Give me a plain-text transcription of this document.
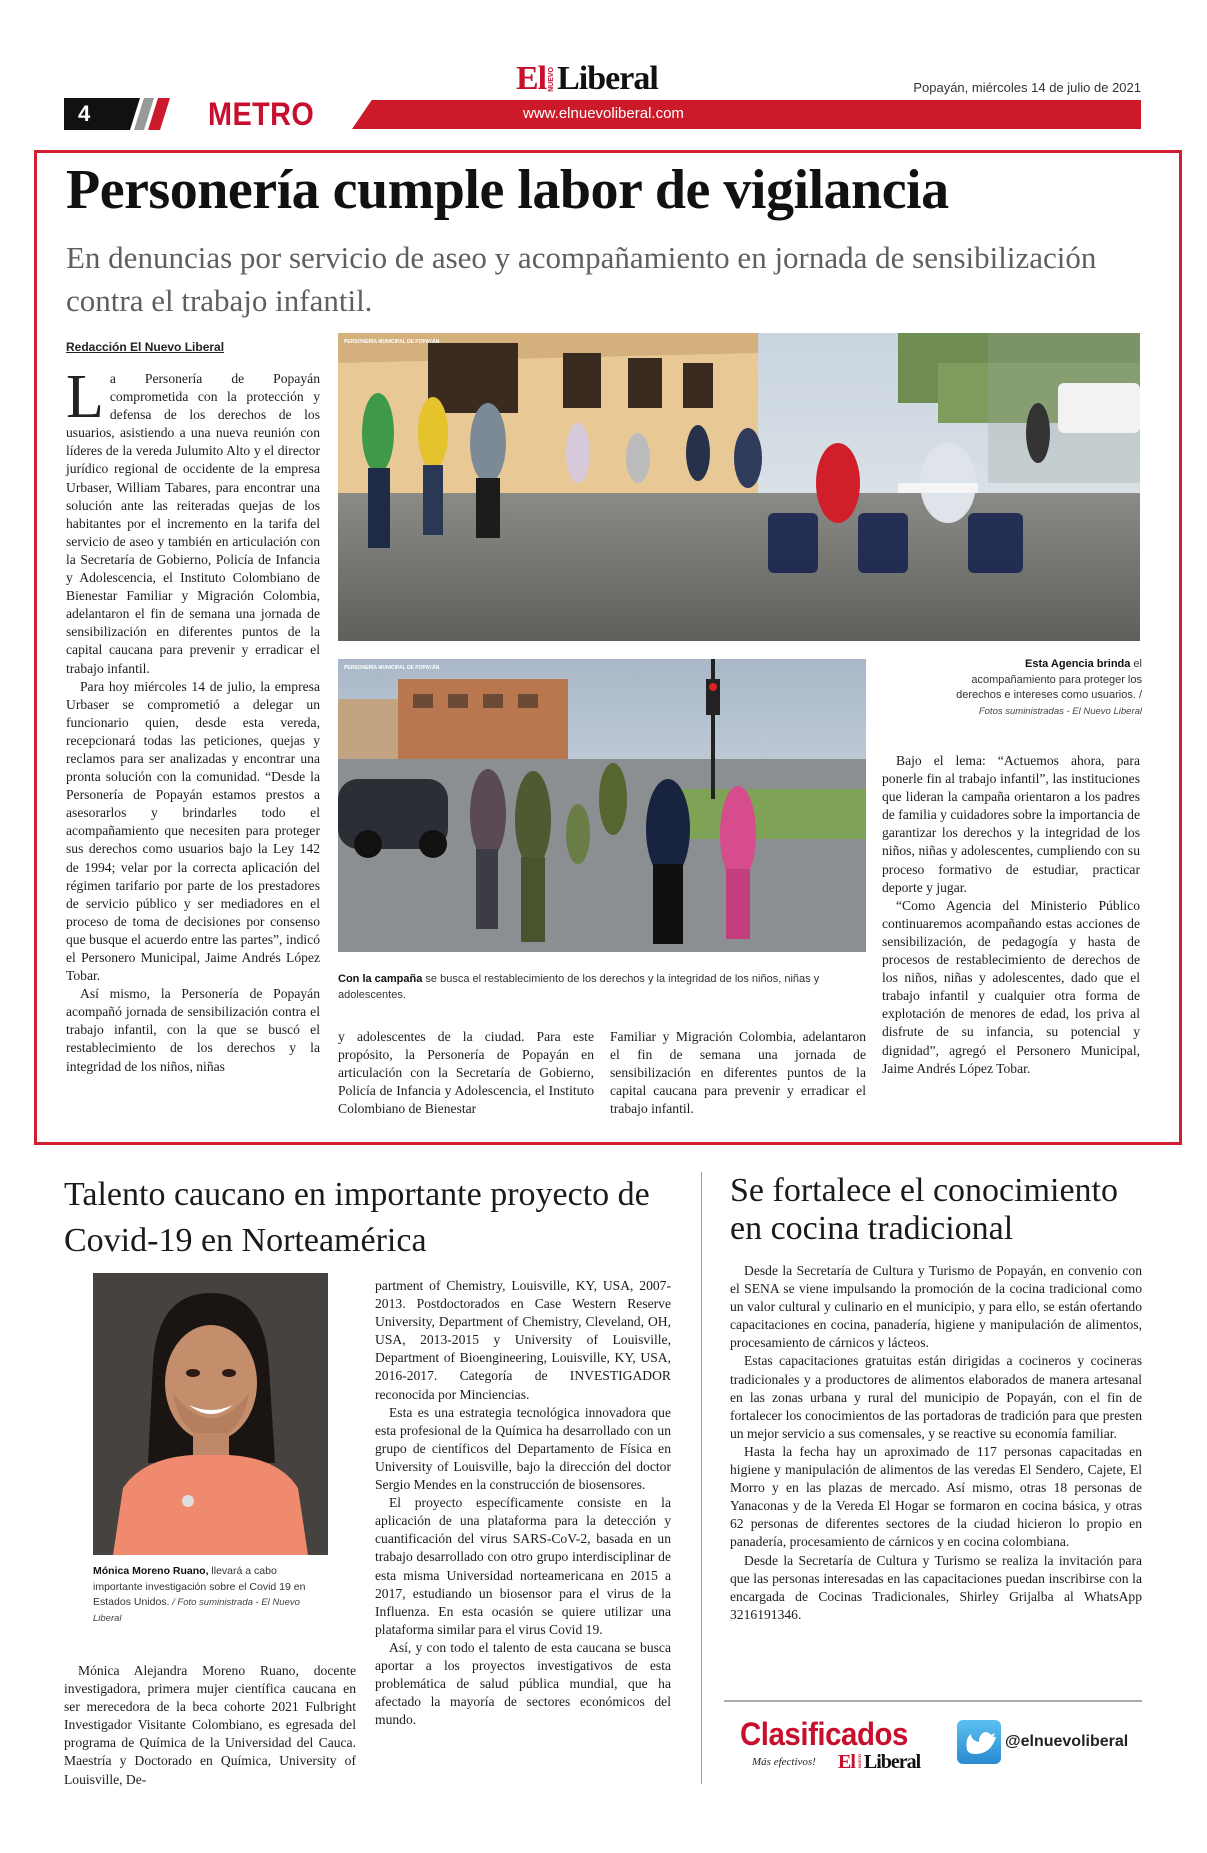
4	METRO	www.elnuevoliberal.com
El NUEVO Liberal	Popayán, miércoles 14 de julio de 2021
Personería cumple labor de vigilancia
En denuncias por servicio de aseo y acompañamiento en jornada de sensibilización contra el trabajo infantil.
Redacción El Nuevo Liberal

La Personería de Popayán comprometida con la protección y defensa de los derechos de los usuarios, asistiendo a una nueva reunión con líderes de la vereda Julumito Alto y el director jurídico regional de occidente de la empresa Urbaser, William Tabares, para encontrar una solución ante las reiteradas quejas de los habitantes por el incremento en la tarifa del servicio de aseo y también en articulación con la Secretaría de Gobierno, Policía de Infancia y Adolescencia, el Instituto Colombiano de Bienestar Familiar y Migración Colombia, adelantaron el fin de semana una jornada de sensibilización en diferentes puntos de la capital caucana para prevenir y erradicar el trabajo infantil.

Para hoy miércoles 14 de julio, la empresa Urbaser se comprometió a delegar un funcionario quien, desde esta vereda, recepcionará todas las peticiones, quejas y reclamos para ser analizadas y encontrar una pronta solución con la comunidad. “Desde la Personería de Popayán estamos prestos a asesorarlos y brindarles todo el acompañamiento que necesiten para proteger sus derechos como usuarios bajo la Ley 142 de 1994; velar por la correcta aplicación del régimen tarifario por parte de los prestadores de servicio público y ser mediadores en el proceso de toma de decisiones por consenso que busque el acuerdo entre las partes”, indicó el Personero Municipal, Jaime Andrés López Tobar.

Así mismo, la Personería de Popayán acompañó jornada de sensibilización contra el trabajo infantil, con la que se buscó el restablecimiento de los derechos y la integridad de los niños, niñas

PERSONERÍA MUNICIPAL DE POPAYÁN
Esta Agencia brinda el acompañamiento para proteger los derechos e intereses como usuarios. /
Fotos suministradas - El Nuevo Liberal
PERSONERÍA MUNICIPAL DE POPAYÁN
Con la campaña se busca el restablecimiento de los derechos y la integridad de los niños, niñas y adolescentes.

y adolescentes de la ciudad. Para este propósito, la Personería de Popayán en articulación con la Secretaría de Gobierno, Policía de Infancia y Adolescencia, el Instituto Colombiano de Bienestar

Familiar y Migración Colombia, adelantaron el fin de semana una jornada de sensibilización en diferentes puntos de la capital caucana para prevenir y erradicar el trabajo infantil.

Bajo el lema: “Actuemos ahora, para ponerle fin al trabajo infantil”, las instituciones que lideran la campaña orientaron a los padres de familia y cuidadores sobre la importancia de garantizar los derechos y la integridad de los niños, niñas y adolescentes, cumpliendo con su proceso formativo de estudiar, practicar deporte y jugar.

“Como Agencia del Ministerio Público continuaremos acompañando estas acciones de sensibilización, de pedagogía y hasta de procesos de restablecimiento de derechos de los niños, niñas y adolescentes, dado que el trabajo infantil y cualquier otra forma de explotación de menores de edad, los priva al disfrute de su infancia, su potencial y dignidad”, agregó el Personero Municipal, Jaime Andrés López Tobar.

Talento caucano en importante proyecto de Covid-19 en Norteamérica
Mónica Moreno Ruano, llevará a cabo importante investigación sobre el Covid 19 en Estados Unidos. / Foto suministrada - El Nuevo Liberal

Mónica Alejandra Moreno Ruano, docente investigadora, primera mujer científica caucana en ser merecedora de la beca cohorte 2021 Fulbright Investigador Visitante Colombiano, es egresada del programa de Química de la Universidad del Cauca. Maestría y Doctorado en Química, University of Louisville, De-

partment of Chemistry, Louisville, KY, USA, 2007-2013. Postdoctorados en Case Western Reserve University, Department of Chemistry, Cleveland, OH, USA, 2013-2015 y University of Louisville, Department of Bioengineering, Louisville, KY, USA, 2016-2017. Categoría de INVESTIGADOR reconocida por Minciencias.

Esta es una estrategia tecnológica innovadora que esta profesional de la Química ha desarrollado con un grupo de científicos del Departamento de Física en University of Louisville, bajo la dirección del doctor Sergio Mendes en la construcción de biosensores.

El proyecto específicamente consiste en la aplicación de una plataforma para la detección y cuantificación del virus SARS-CoV-2, basada en un trabajo desarrollado con otro grupo interdisciplinar de esta misma Universidad norteamericana en 2015 a 2017, estudiando un biosensor para el virus de la Influenza. En esta ocasión se quiere utilizar una plataforma similar para el virus Covid 19.

Así, y con todo el talento de esta caucana se busca aportar a los proyectos investigativos de esta problemática de salud pública mundial, que ha afectado la mayoría de sectores económicos del mundo.

Se fortalece el conocimiento en cocina tradicional

Desde la Secretaría de Cultura y Turismo de Popayán, en convenio con el SENA se viene impulsando la promoción de la cocina tradicional como un valor cultural y culinario en el municipio, y para ello, se están ofertando capacitaciones en cocina, panadería, higiene y manipulación de alimentos, procesamiento de cárnicos y lácteos.

Estas capacitaciones gratuitas están dirigidas a cocineros y cocineras tradicionales y a productores de alimentos elaborados de manera artesanal en las zonas urbana y rural del municipio de Popayán, con el fin de fortalecer los conocimientos de las portadoras de tradición para que presten un mejor servicio a sus comensales, y se reactive su economía familiar.

Hasta la fecha hay un aproximado de 117 personas capacitadas en higiene y manipulación de alimentos de las veredas El Sendero, Cajete, El Morro y en las plazas de mercado. Así mismo, otras 18 personas de Yanaconas y de la Vereda El Hogar se formaron en cocina básica, y otras 62 personas de diferentes sectores de la ciudad hicieron lo propio en panadería, procesamiento de cárnicos y en cocina colombiana.

Desde la Secretaría de Cultura y Turismo se realiza la invitación para que las personas interesadas en las capacitaciones puedan inscribirse con la encargada de Cocinas Tradicionales, Shirley Grijalba al WhatsApp 3216191346.

Clasificados
Más efectivos! El NUEVO Liberal
@elnuevoliberal
